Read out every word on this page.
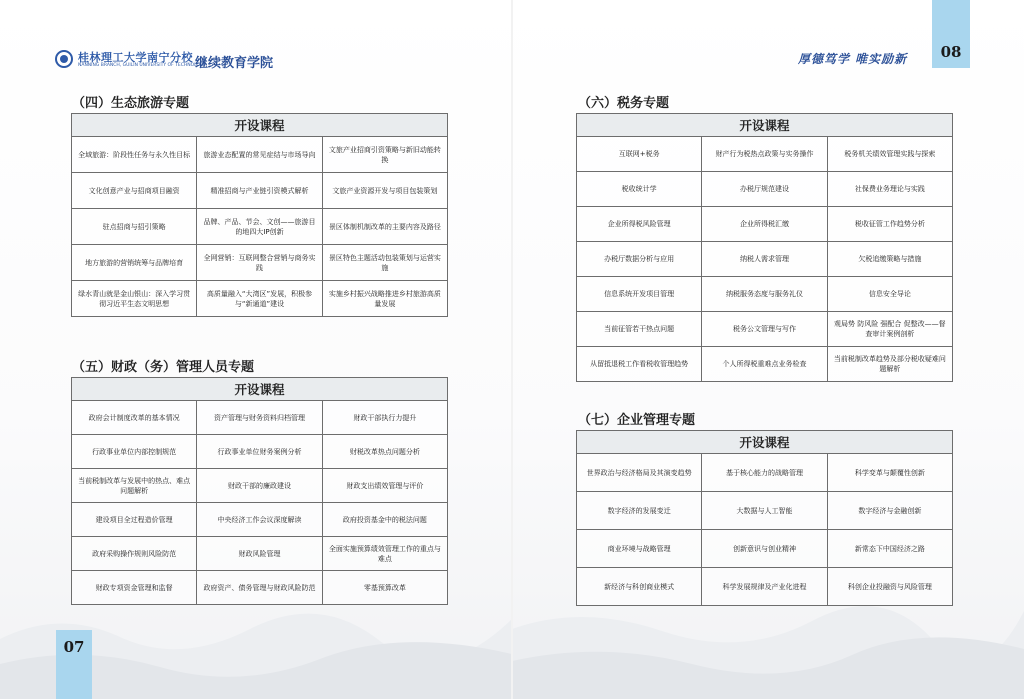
桂林理工大学南宁分校
NANNING BRANCH, GUILIN UNIVERSITY OF TECHNOLOGY
继续教育学院
（四）生态旅游专题
开设课程		
全域旅游：阶段性任务与永久性目标	旅游业态配置的常见症结与市场导向	文旅产业招商引资策略与新旧动能转换
文化创意产业与招商项目融资	精准招商与产业链引资模式解析	文旅产业资源开发与项目包装策划
驻点招商与招引策略	品牌、产品、节会、文创——旅游目的地四大IP创新	景区体制机制改革的主要内容及路径
地方旅游的营销统筹与品牌培育	全网营销：互联网整合营销与商务实践	景区特色主题活动包装策划与运营实施
绿水青山就是金山银山：深入学习贯彻习近平生态文明思想	高质量融入“大湾区”发展，积极参与“新通道”建设	实施乡村振兴战略推进乡村旅游高质量发展
（五）财政（务）管理人员专题
开设课程		
政府会计制度改革的基本情况	资产管理与财务资料归档管理	财政干部执行力提升
行政事业单位内部控制规范	行政事业单位财务案例分析	财税改革热点问题分析
当前税制改革与发展中的热点、难点问题解析	财政干部的廉政建设	财政支出绩效管理与评价
建设项目全过程造价管理	中央经济工作会议深度解读	政府投资基金中的税法问题
政府采购操作规则风险防范	财政风险管理	全面实施预算绩效管理工作的重点与难点
财政专项资金管理和监督	政府资产、债务管理与财政风险防范	零基预算改革
07
厚德笃学 唯实励新	08
（六）税务专题
开设课程		
互联网+税务	财产行为税热点政策与实务操作	税务机关绩效管理实践与探索
税收统计学	办税厅规范建设	社保费业务理论与实践
企业所得税风险管理	企业所得税汇缴	税收征管工作趋势分析
办税厅数据分析与应用	纳税人需求管理	欠税追缴策略与措施
信息系统开发项目管理	纳税服务态度与服务礼仪	信息安全导论
当前征管若干热点问题	税务公文管理与写作	观局势 防风险 强配合 促整改——督查审计案例剖析
从留抵退税工作看税收管理趋势	个人所得税重难点业务检查	当前税制改革趋势及部分税收疑难问题解析
（七）企业管理专题
开设课程		
世界政治与经济格局及其演变趋势	基于核心能力的战略管理	科学变革与颠覆性创新
数字经济的发展变迁	大数据与人工智能	数字经济与金融创新
商业环境与战略管理	创新意识与创业精神	新常态下中国经济之路
新经济与科创商业模式	科学发展规律及产业化进程	科创企业投融资与风险管理
